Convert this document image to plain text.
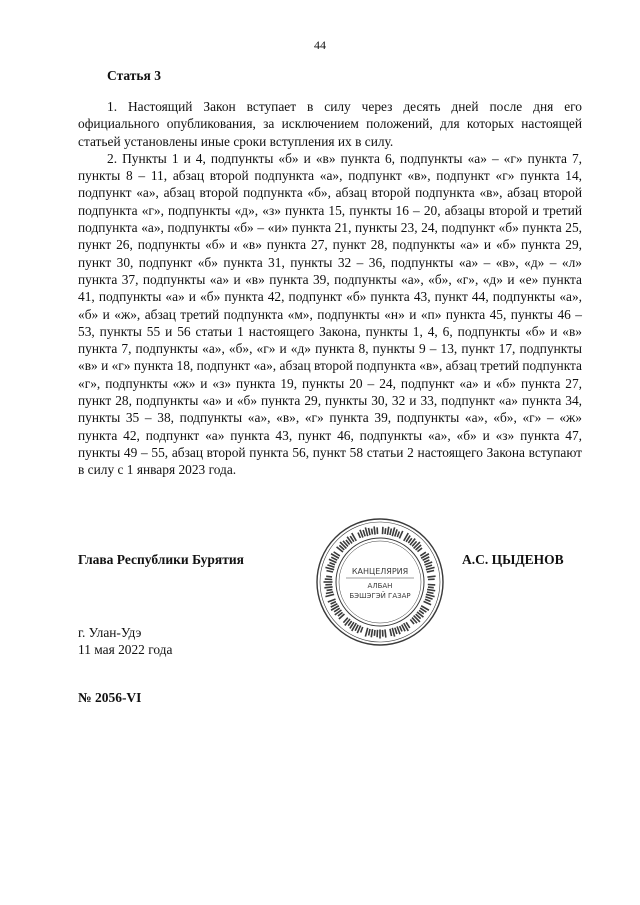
44
Статья 3

1. Настоящий Закон вступает в силу через десять дней после дня его официального опубликования, за исключением положений, для которых настоящей статьей установлены иные сроки вступления их в силу.

2. Пункты 1 и 4, подпункты «б» и «в» пункта 6, подпункты «а» – «г» пункта 7, пункты 8 – 11, абзац второй подпункта «а», подпункт «в», подпункт «г» пункта 14, подпункт «а», абзац второй подпункта «б», абзац второй подпункта «в», абзац второй подпункта «г», подпункты «д», «з» пункта 15, пункты 16 – 20, абзацы второй и третий подпункта «а», подпункты «б» – «и» пункта 21, пункты 23, 24, подпункт «б» пункта 25, пункт 26, подпункты «б» и «в» пункта 27, пункт 28, подпункты «а» и «б» пункта 29, пункт 30, подпункт «б» пункта 31, пункты 32 – 36, подпункты «а» – «в», «д» – «л» пункта 37, подпункты «а» и «в» пункта 39, подпункты «а», «б», «г», «д» и «е» пункта 41, подпункты «а» и «б» пункта 42, подпункт «б» пункта 43, пункт 44, подпункты «а», «б» и «ж», абзац третий подпункта «м», подпункты «н» и «п» пункта 45, пункты 46 – 53, пункты 55 и 56 статьи 1 настоящего Закона, пункты 1, 4, 6, подпункты «б» и «в» пункта 7, подпункты «а», «б», «г» и «д» пункта 8, пункты 9 – 13, пункт 17, подпункты «в» и «г» пункта 18, подпункт «а», абзац второй подпункта «в», абзац третий подпункта «г», подпункты «ж» и «з» пункта 19, пункты 20 – 24, подпункт «а» и «б» пункта 27, пункт 28, подпункты «а» и «б» пункта 29, пункты 30, 32 и 33, подпункт «а» пункта 34, пункты 35 – 38, подпункты «а», «в», «г» пункта 39, подпункты «а», «б», «г» – «ж» пункта 42, подпункт «а» пункта 43, пункт 46, подпункты «а», «б» и «з» пункта 47, пункты 49 – 55, абзац второй пункта 56, пункт 58 статьи 2 настоящего Закона вступают в силу с 1 января 2023 года.

Глава Республики Бурятия
КАНЦЕЛЯРИЯ
АЛБАН
БЭШЭГЭЙ ГАЗАР
А.С. ЦЫДЕНОВ
г. Улан-Удэ
11 мая 2022 года
№ 2056-VI
